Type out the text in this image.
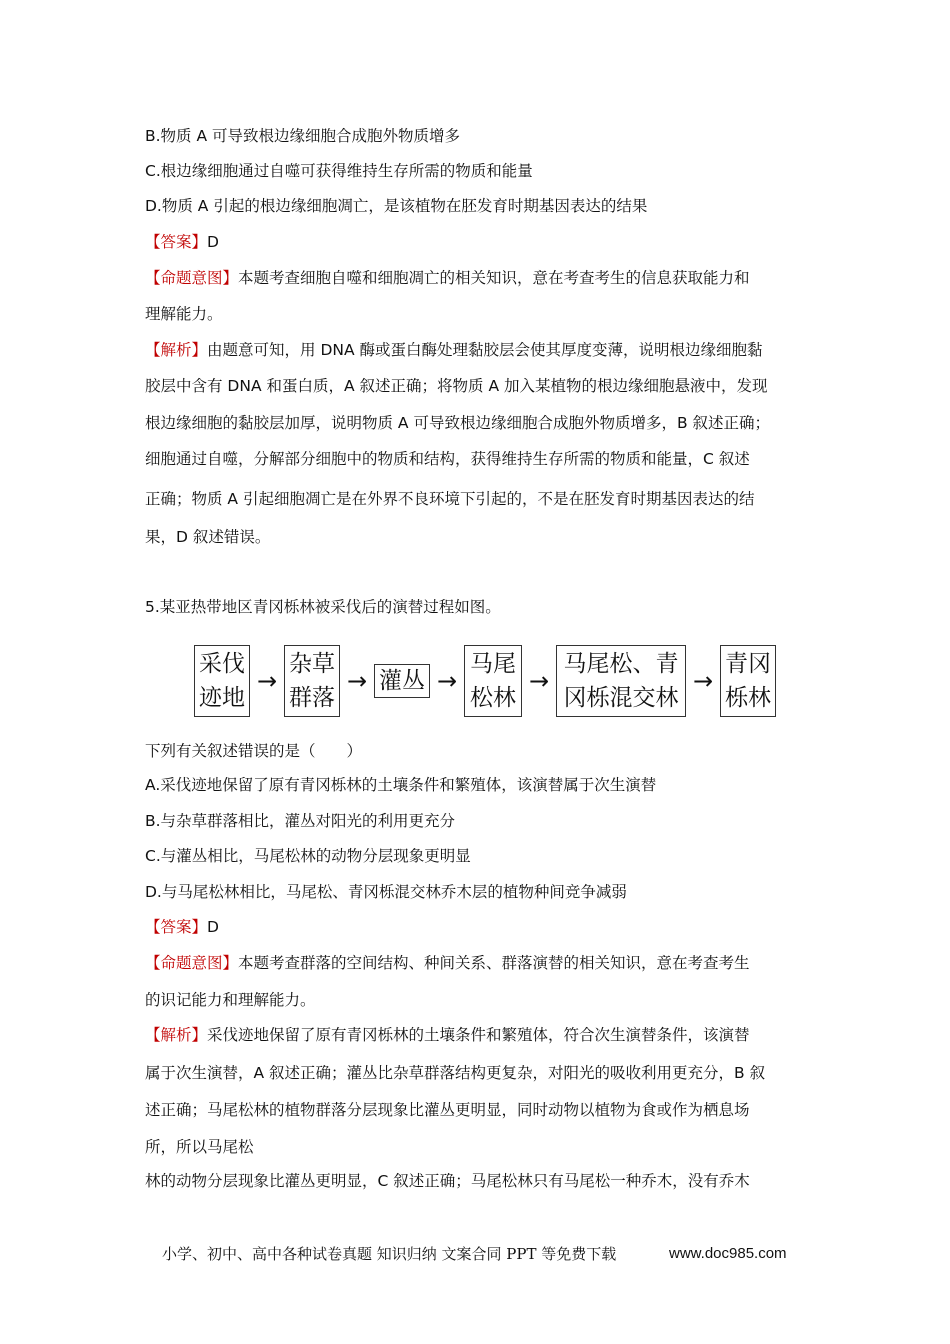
B.物质 A 可导致根边缘细胞合成胞外物质增多
C.根边缘细胞通过自噬可获得维持生存所需的物质和能量
D.物质 A 引起的根边缘细胞凋亡，是该植物在胚发育时期基因表达的结果
【答案】D
【命题意图】本题考查细胞自噬和细胞凋亡的相关知识，意在考查考生的信息获取能力和
理解能力。
【解析】由题意可知，用 DNA 酶或蛋白酶处理黏胶层会使其厚度变薄，说明根边缘细胞黏
胶层中含有 DNA 和蛋白质，A 叙述正确；将物质 A 加入某植物的根边缘细胞悬液中，发现
根边缘细胞的黏胶层加厚，说明物质 A 可导致根边缘细胞合成胞外物质增多，B 叙述正确；
细胞通过自噬，分解部分细胞中的物质和结构，获得维持生存所需的物质和能量，C 叙述
正确；物质 A 引起细胞凋亡是在外界不良环境下引起的，不是在胚发育时期基因表达的结
果，D 叙述错误。
5.某亚热带地区青冈栎林被采伐后的演替过程如图。
采伐
迹地
→
杂草
群落
→ 灌丛 →
马尾
松林
→
马尾松、青
冈栎混交林
→
青冈
栎林
下列有关叙述错误的是（　　）
A.采伐迹地保留了原有青冈栎林的土壤条件和繁殖体，该演替属于次生演替
B.与杂草群落相比，灌丛对阳光的利用更充分
C.与灌丛相比，马尾松林的动物分层现象更明显
D.与马尾松林相比，马尾松、青冈栎混交林乔木层的植物种间竞争减弱
【答案】D
【命题意图】本题考查群落的空间结构、种间关系、群落演替的相关知识，意在考查考生
的识记能力和理解能力。
【解析】采伐迹地保留了原有青冈栎林的土壤条件和繁殖体，符合次生演替条件，该演替
属于次生演替，A 叙述正确；灌丛比杂草群落结构更复杂，对阳光的吸收利用更充分，B 叙
述正确；马尾松林的植物群落分层现象比灌丛更明显，同时动物以植物为食或作为栖息场
所，所以马尾松
林的动物分层现象比灌丛更明显，C 叙述正确；马尾松林只有马尾松一种乔木，没有乔木
小学、初中、高中各种试卷真题 知识归纳 文案合同 PPT 等免费下载	www.doc985.com
